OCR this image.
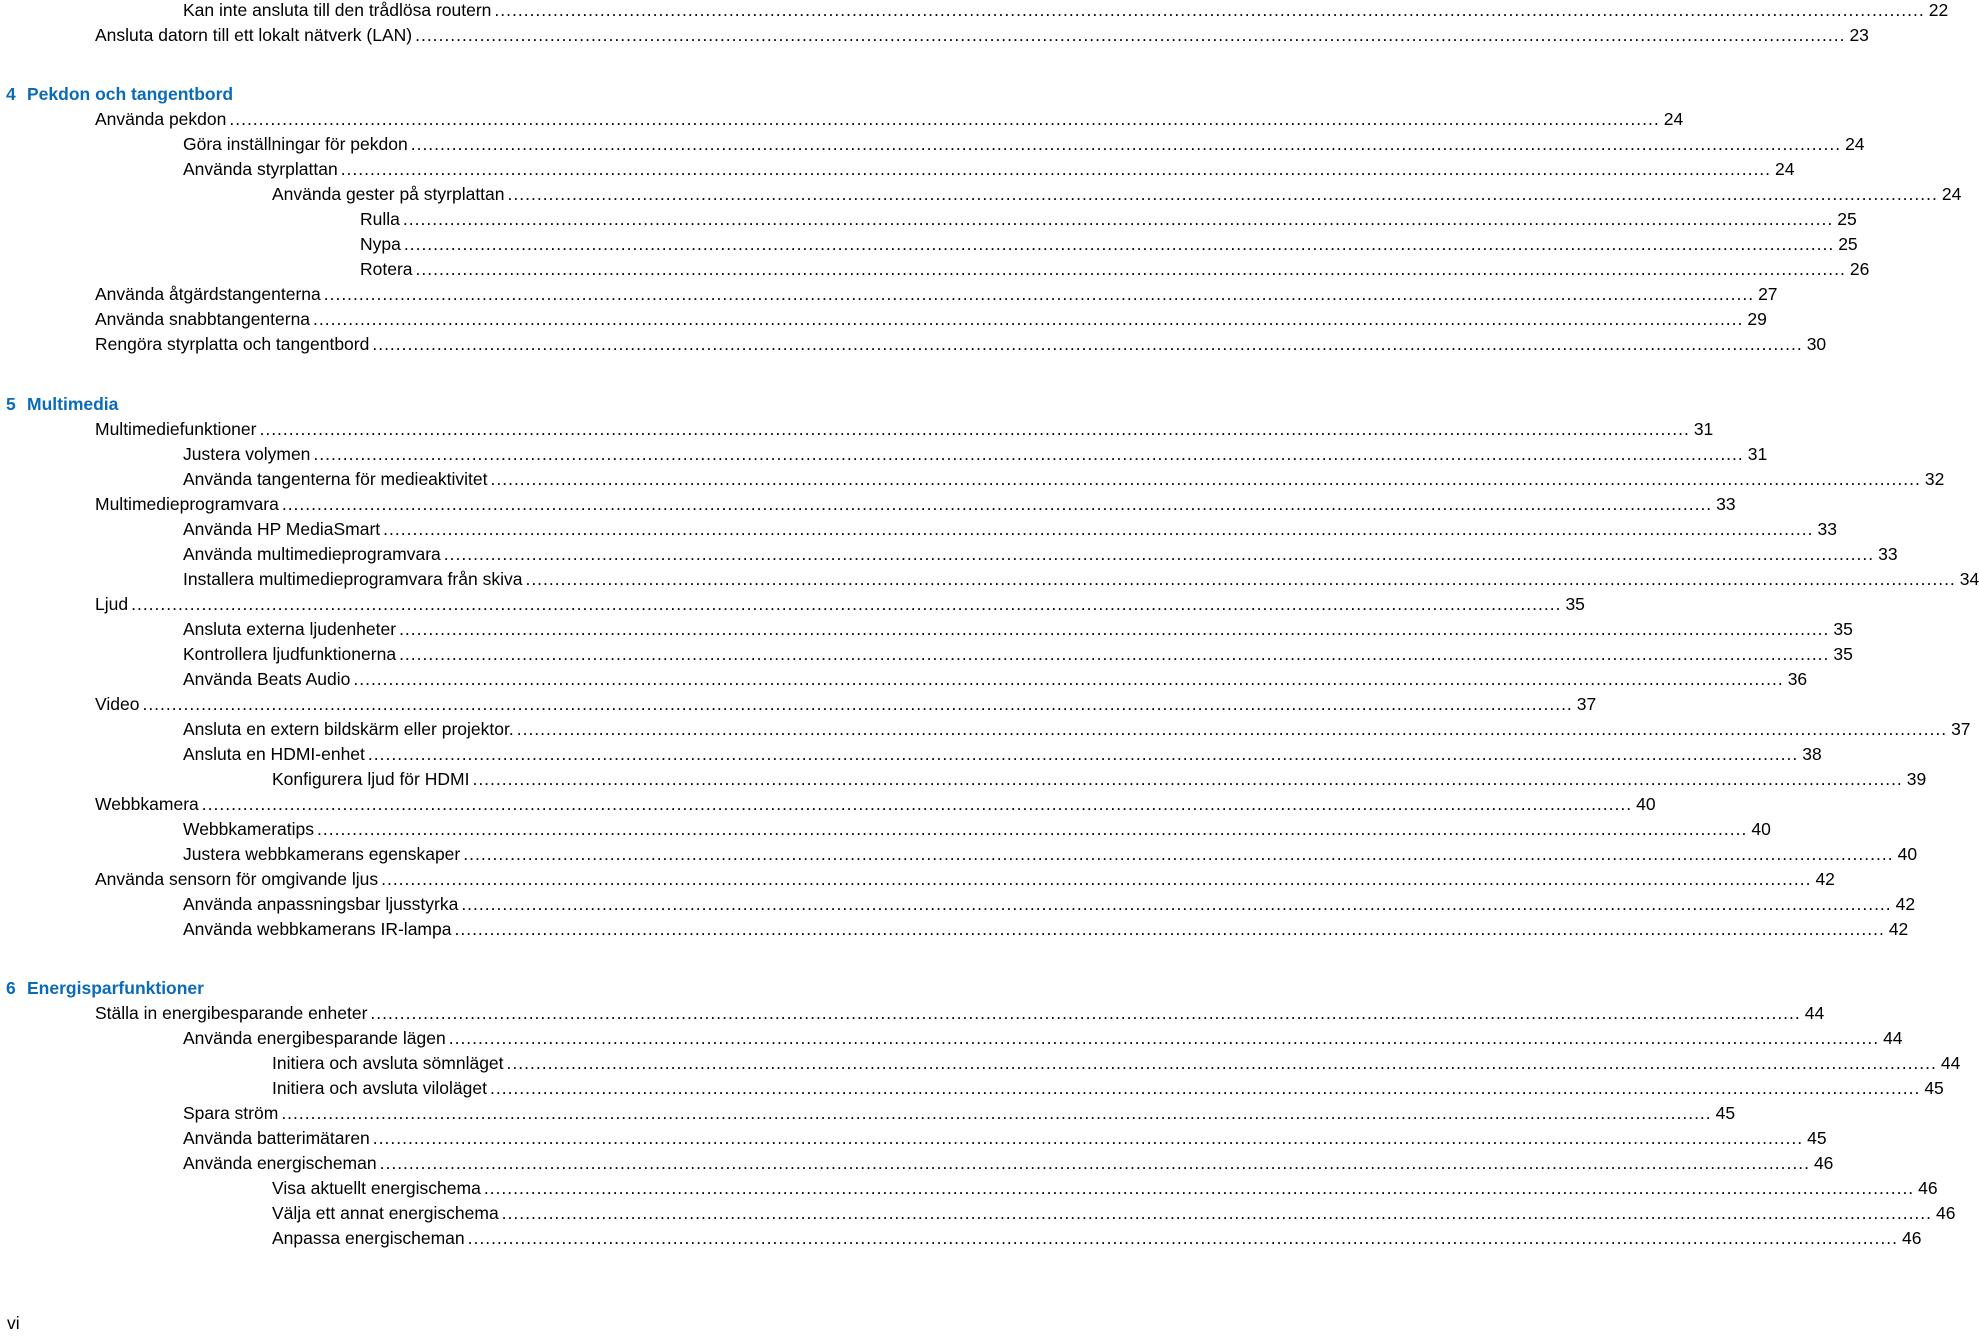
Kan inte ansluta till den trådlösa routern .................................................................................................................................................................................................................................................... 22
Ansluta datorn till ett lokalt nätverk (LAN) .................................................................................................................................................................................................................................................... 23
4 Pekdon och tangentbord
Använda pekdon .................................................................................................................................................................................................................................................... 24
Göra inställningar för pekdon .................................................................................................................................................................................................................................................... 24
Använda styrplattan .................................................................................................................................................................................................................................................... 24
Använda gester på styrplattan .................................................................................................................................................................................................................................................... 24
Rulla .................................................................................................................................................................................................................................................... 25
Nypa .................................................................................................................................................................................................................................................... 25
Rotera .................................................................................................................................................................................................................................................... 26
Använda åtgärdstangenterna .................................................................................................................................................................................................................................................... 27
Använda snabbtangenterna .................................................................................................................................................................................................................................................... 29
Rengöra styrplatta och tangentbord .................................................................................................................................................................................................................................................... 30
5 Multimedia
Multimediefunktioner .................................................................................................................................................................................................................................................... 31
Justera volymen .................................................................................................................................................................................................................................................... 31
Använda tangenterna för medieaktivitet .................................................................................................................................................................................................................................................... 32
Multimedieprogramvara .................................................................................................................................................................................................................................................... 33
Använda HP MediaSmart .................................................................................................................................................................................................................................................... 33
Använda multimedieprogramvara .................................................................................................................................................................................................................................................... 33
Installera multimedieprogramvara från skiva .................................................................................................................................................................................................................................................... 34
Ljud .................................................................................................................................................................................................................................................... 35
Ansluta externa ljudenheter .................................................................................................................................................................................................................................................... 35
Kontrollera ljudfunktionerna .................................................................................................................................................................................................................................................... 35
Använda Beats Audio .................................................................................................................................................................................................................................................... 36
Video .................................................................................................................................................................................................................................................... 37
Ansluta en extern bildskärm eller projektor. .................................................................................................................................................................................................................................................... 37
Ansluta en HDMI-enhet .................................................................................................................................................................................................................................................... 38
Konfigurera ljud för HDMI .................................................................................................................................................................................................................................................... 39
Webbkamera .................................................................................................................................................................................................................................................... 40
Webbkameratips .................................................................................................................................................................................................................................................... 40
Justera webbkamerans egenskaper .................................................................................................................................................................................................................................................... 40
Använda sensorn för omgivande ljus .................................................................................................................................................................................................................................................... 42
Använda anpassningsbar ljusstyrka .................................................................................................................................................................................................................................................... 42
Använda webbkamerans IR-lampa .................................................................................................................................................................................................................................................... 42
6 Energisparfunktioner
Ställa in energibesparande enheter .................................................................................................................................................................................................................................................... 44
Använda energibesparande lägen .................................................................................................................................................................................................................................................... 44
Initiera och avsluta sömnläget .................................................................................................................................................................................................................................................... 44
Initiera och avsluta viloläget .................................................................................................................................................................................................................................................... 45
Spara ström .................................................................................................................................................................................................................................................... 45
Använda batterimätaren .................................................................................................................................................................................................................................................... 45
Använda energischeman .................................................................................................................................................................................................................................................... 46
Visa aktuellt energischema .................................................................................................................................................................................................................................................... 46
Välja ett annat energischema .................................................................................................................................................................................................................................................... 46
Anpassa energischeman .................................................................................................................................................................................................................................................... 46
vi
